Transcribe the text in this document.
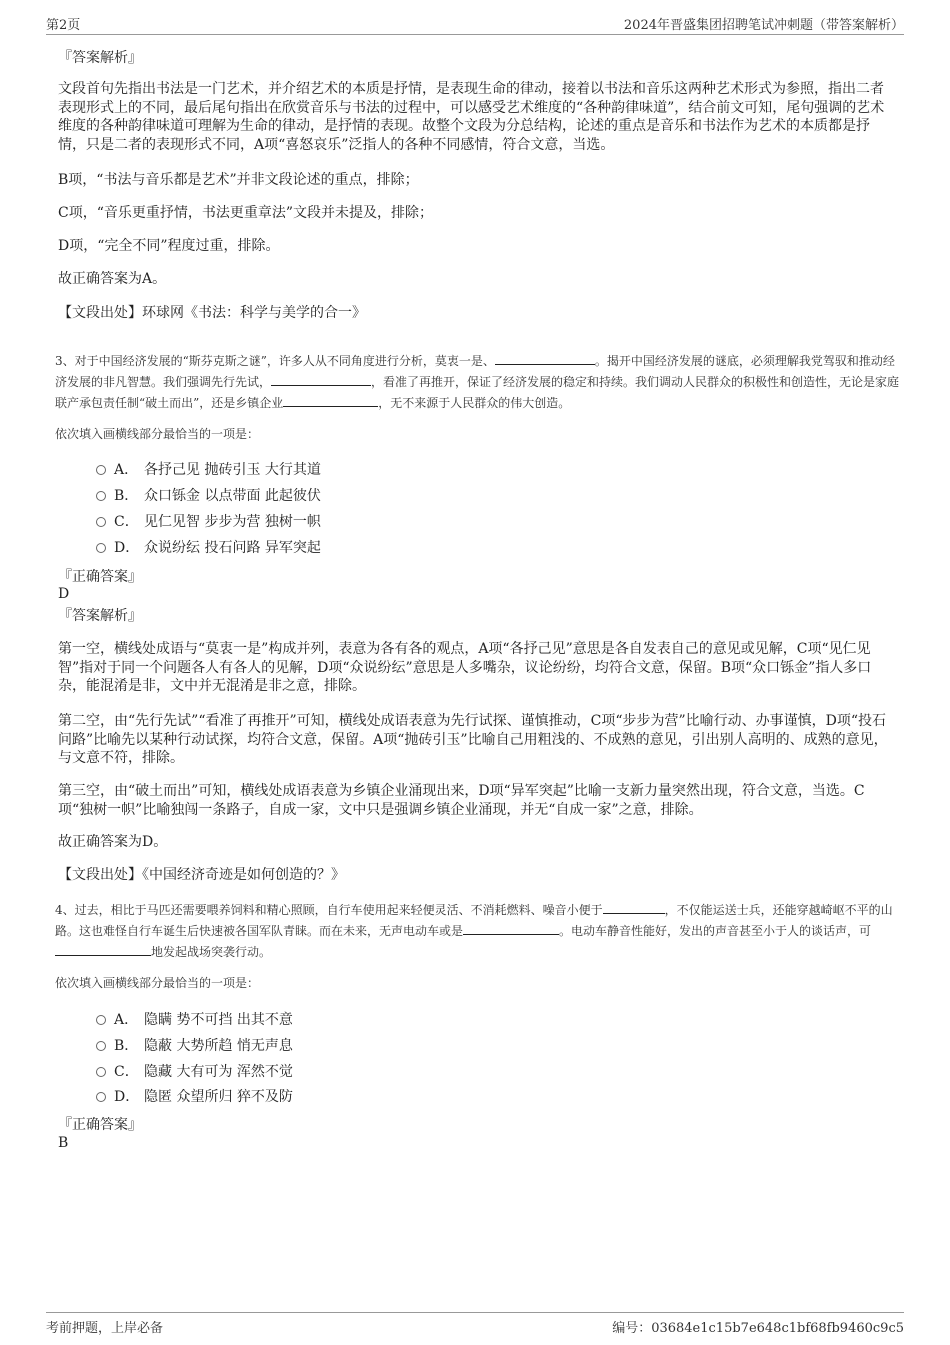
第2页	2024年晋盛集团招聘笔试冲刺题（带答案解析）
『答案解析』
文段首句先指出书法是一门艺术，并介绍艺术的本质是抒情，是表现生命的律动，接着以书法和音乐这两种艺术形式为参照，指出二者表现形式上的不同，最后尾句指出在欣赏音乐与书法的过程中，可以感受艺术维度的“各种韵律味道”，结合前文可知，尾句强调的艺术维度的各种韵律味道可理解为生命的律动，是抒情的表现。故整个文段为分总结构，论述的重点是音乐和书法作为艺术的本质都是抒情，只是二者的表现形式不同，A项“喜怒哀乐”泛指人的各种不同感情，符合文意，当选。
B项，“书法与音乐都是艺术”并非文段论述的重点，排除；
C项，“音乐更重抒情，书法更重章法”文段并未提及，排除；
D项，“完全不同”程度过重，排除。
故正确答案为A。
【文段出处】环球网《书法：科学与美学的合一》
3、对于中国经济发展的“斯芬克斯之谜”，许多人从不同角度进行分析，莫衷一是、	。揭开中国经济发展的谜底，必须理解我党驾驭和推动经济发展的非凡智慧。我们强调先行先试，	，看准了再推开，保证了经济发展的稳定和持续。我们调动人民群众的积极性和创造性，无论是家庭联产承包责任制“破土而出”，还是乡镇企业	，无不来源于人民群众的伟大创造。
依次填入画横线部分最恰当的一项是：
A． 各抒己见 抛砖引玉 大行其道
B． 众口铄金 以点带面 此起彼伏
C． 见仁见智 步步为营 独树一帜
D． 众说纷纭 投石问路 异军突起
『正确答案』
D
『答案解析』
第一空，横线处成语与“莫衷一是”构成并列，表意为各有各的观点，A项“各抒己见”意思是各自发表自己的意见或见解，C项“见仁见智”指对于同一个问题各人有各人的见解，D项“众说纷纭”意思是人多嘴杂，议论纷纷，均符合文意，保留。B项“众口铄金”指人多口杂，能混淆是非，文中并无混淆是非之意，排除。
第二空，由“先行先试”“看准了再推开”可知，横线处成语表意为先行试探、谨慎推动，C项“步步为营”比喻行动、办事谨慎，D项“投石问路”比喻先以某种行动试探，均符合文意，保留。A项“抛砖引玉”比喻自己用粗浅的、不成熟的意见，引出别人高明的、成熟的意见，与文意不符，排除。
第三空，由“破土而出”可知，横线处成语表意为乡镇企业涌现出来，D项“异军突起”比喻一支新力量突然出现，符合文意，当选。C项“独树一帜”比喻独闯一条路子，自成一家，文中只是强调乡镇企业涌现，并无“自成一家”之意，排除。
故正确答案为D。
【文段出处】《中国经济奇迹是如何创造的？》
4、过去，相比于马匹还需要喂养饲料和精心照顾，自行车使用起来轻便灵活、不消耗燃料、噪音小便于	，不仅能运送士兵，还能穿越崎岖不平的山路。这也难怪自行车诞生后快速被各国军队青睐。而在未来，无声电动车或是	。电动车静音性能好，发出的声音甚至小于人的谈话声，可地发起战场突袭行动。
依次填入画横线部分最恰当的一项是：
A． 隐瞒 势不可挡 出其不意
B． 隐蔽 大势所趋 悄无声息
C． 隐藏 大有可为 浑然不觉
D． 隐匿 众望所归 猝不及防
『正确答案』
B
考前押题，上岸必备	编号：03684e1c15b7e648c1bf68fb9460c9c5
